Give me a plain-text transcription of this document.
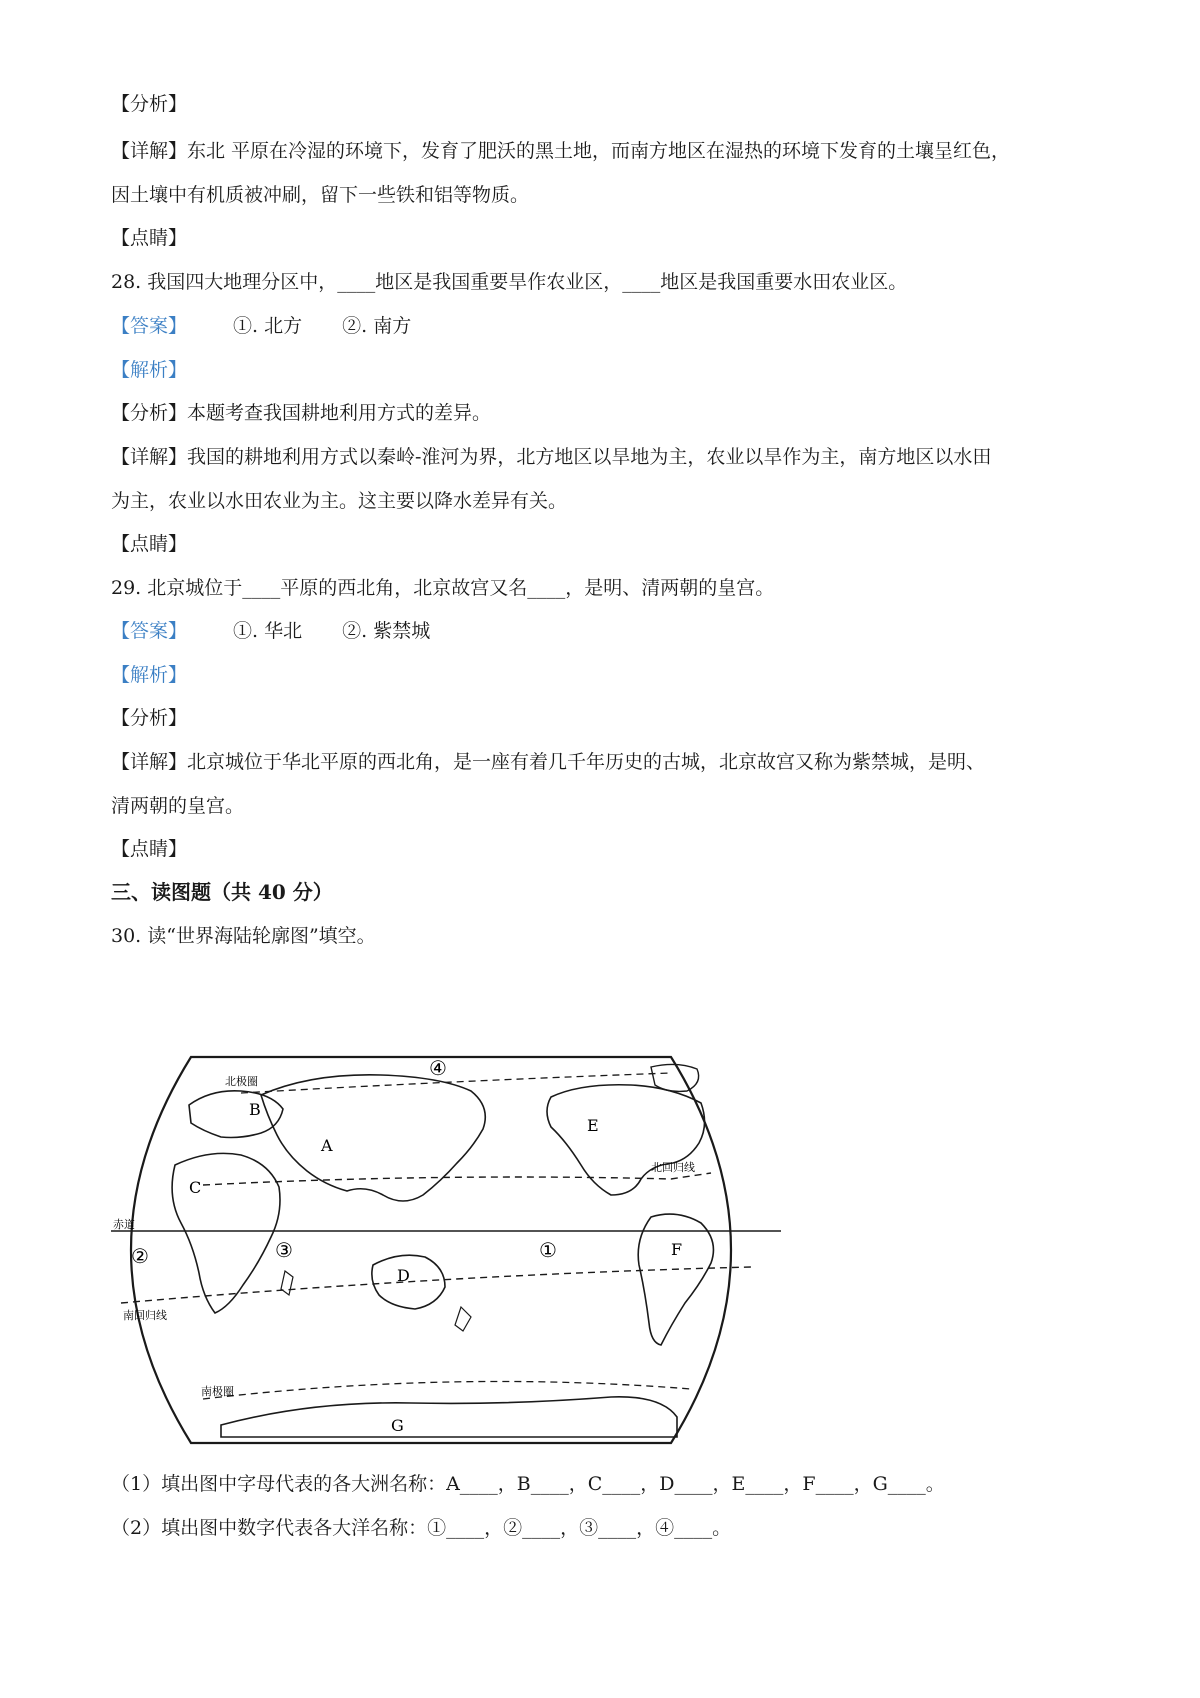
【分析】
【详解】东北 平原在冷湿的环境下，发育了肥沃的黑土地，而南方地区在湿热的环境下发育的土壤呈红色，
因土壤中有机质被冲刷，留下一些铁和铝等物质。
【点睛】
28. 我国四大地理分区中，____地区是我国重要旱作农业区，____地区是我国重要水田农业区。
【答案】 ①. 北方 ②. 南方
【解析】
【分析】本题考查我国耕地利用方式的差异。
【详解】我国的耕地利用方式以秦岭-淮河为界，北方地区以旱地为主，农业以旱作为主，南方地区以水田
为主，农业以水田农业为主。这主要以降水差异有关。
【点睛】
29. 北京城位于____平原的西北角，北京故宫又名____，是明、清两朝的皇宫。
【答案】 ①. 华北 ②. 紫禁城
【解析】
【分析】
【详解】北京城位于华北平原的西北角，是一座有着几千年历史的古城，北京故宫又称为紫禁城，是明、
清两朝的皇宫。
【点睛】
三、读图题（共 40 分）
30. 读“世界海陆轮廓图”填空。
A
B
C
D
E
F
G
①
②	③
④
赤道
北回归线
南回归线
南极圈
北极圈
（1）填出图中字母代表的各大洲名称：A____，B____，C____，D____，E____，F____，G____。
（2）填出图中数字代表各大洋名称：①____，②____，③____，④____。
